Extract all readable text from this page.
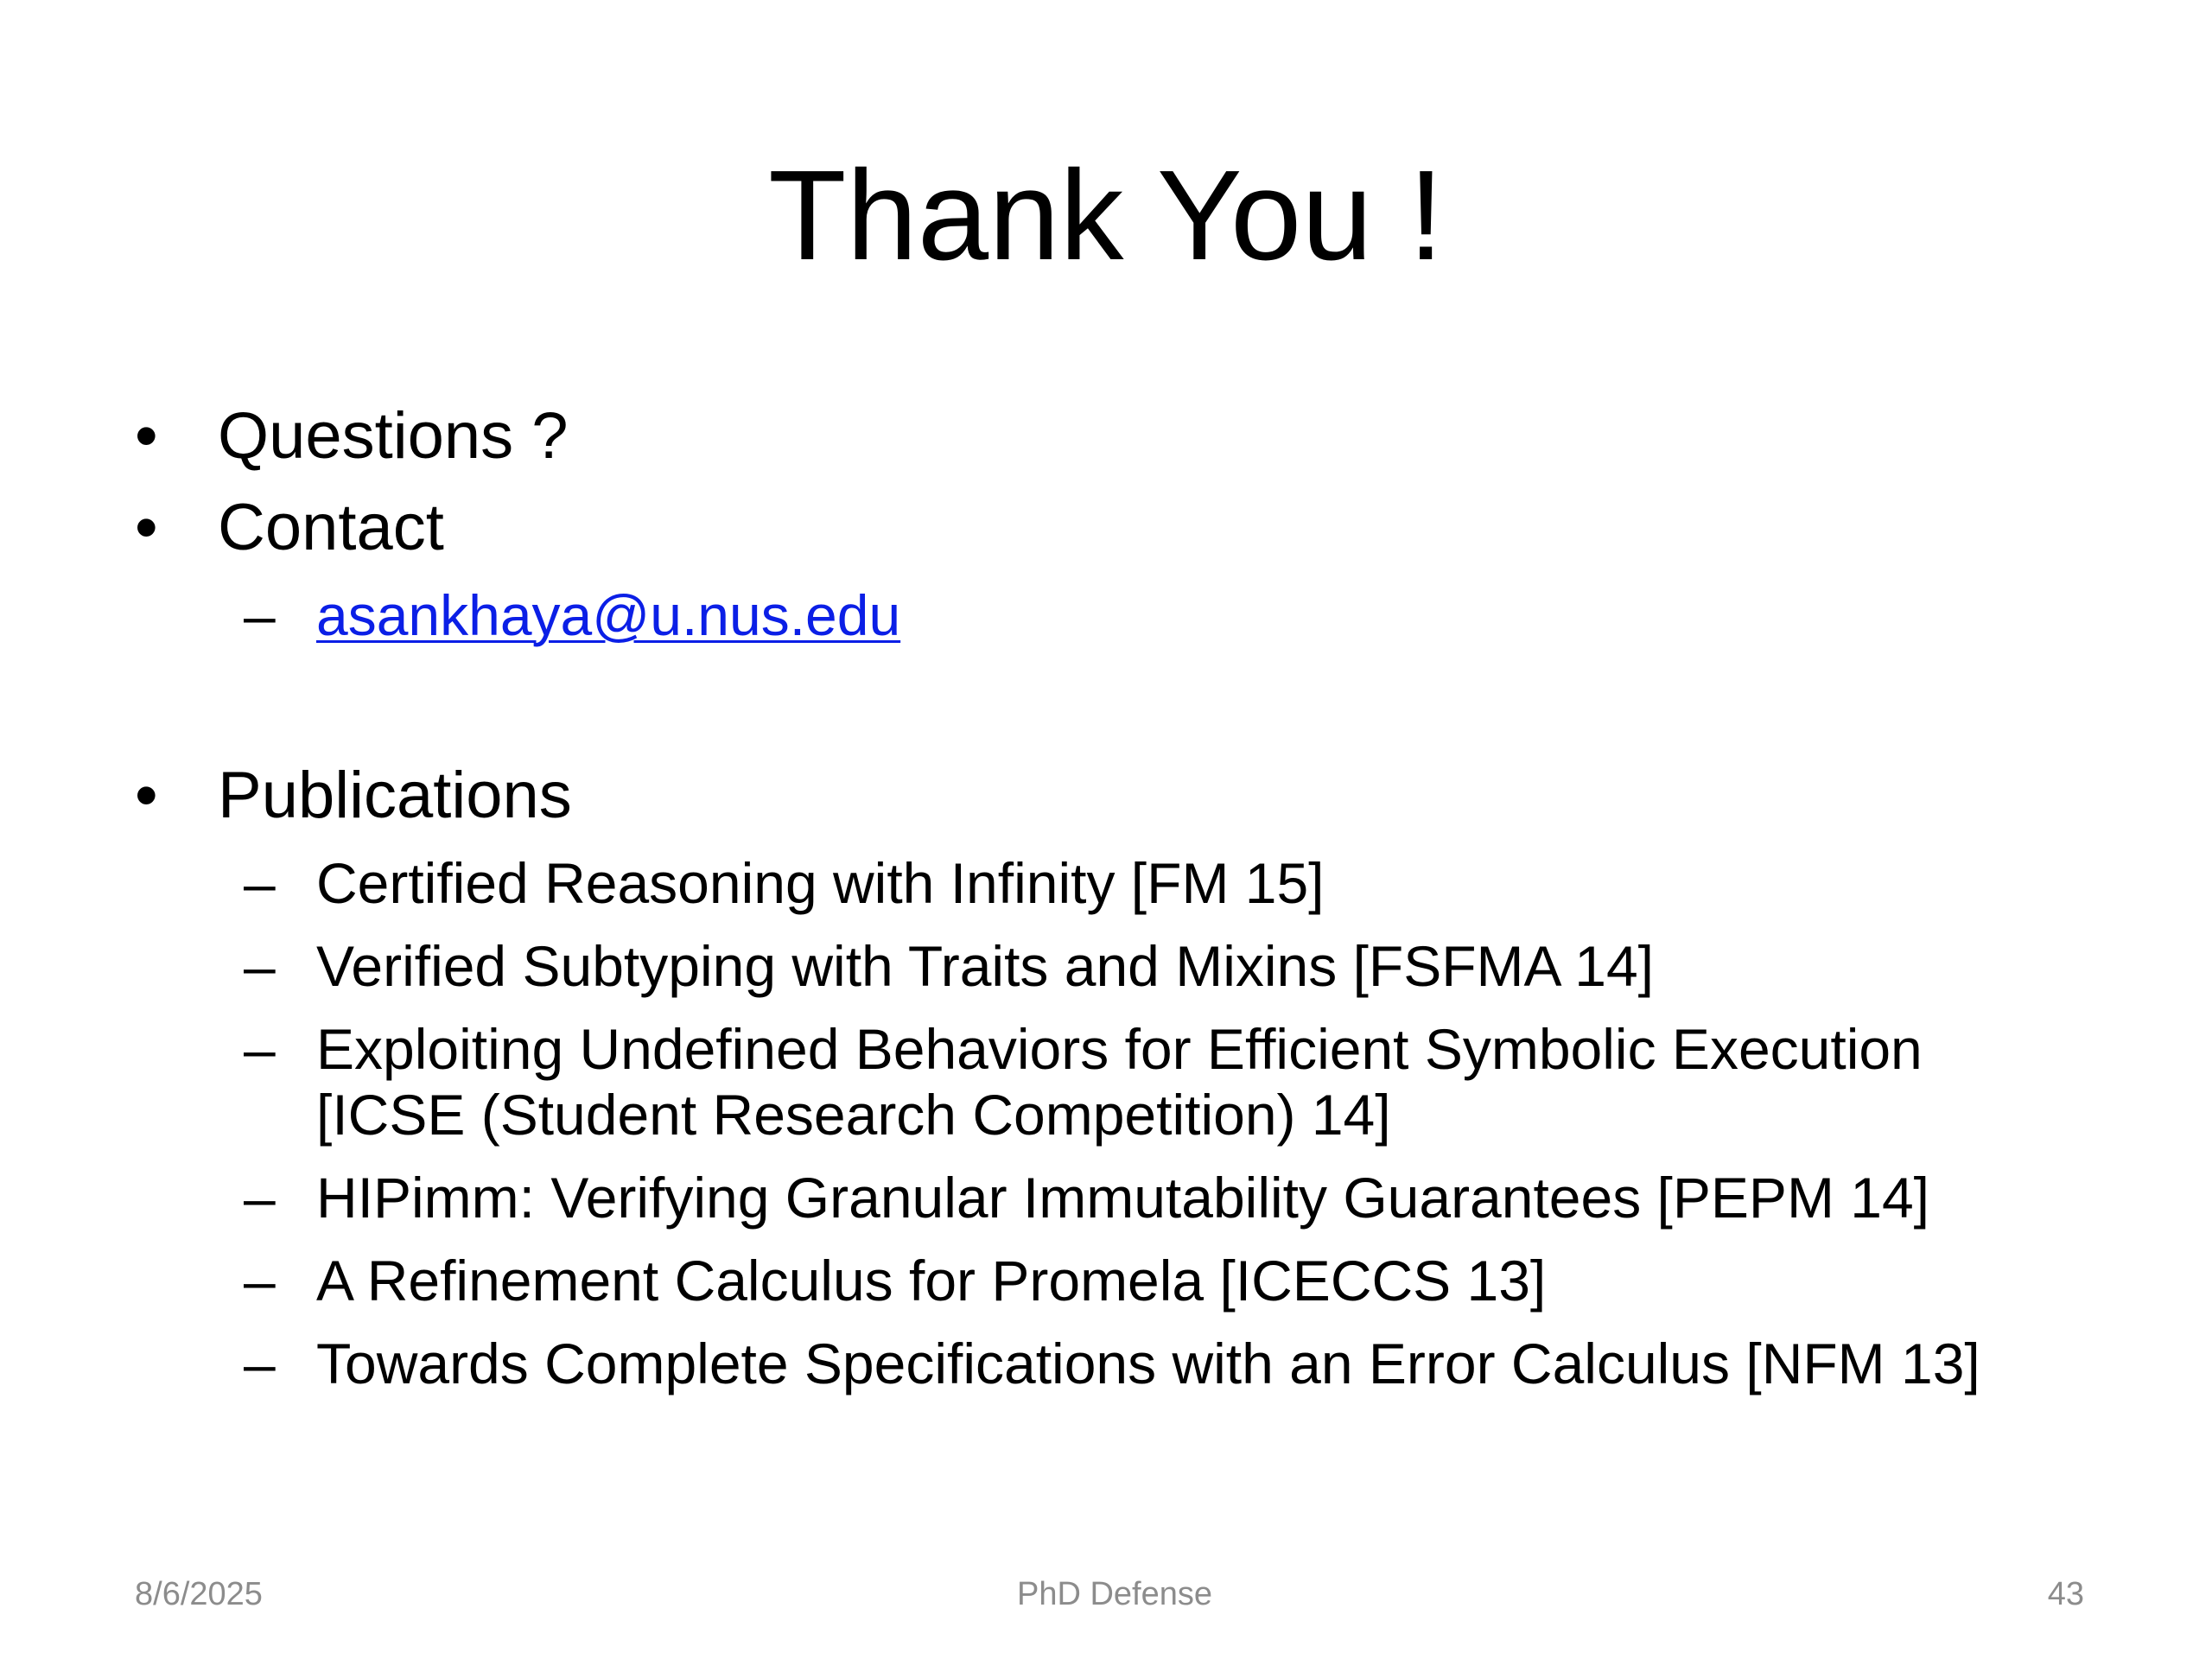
Thank You !
• Questions ?
• Contact
– asankhaya@u.nus.edu
• Publications
– Certified Reasoning with Infinity [FM 15]
– Verified Subtyping with Traits and Mixins [FSFMA 14]
– Exploiting Undefined Behaviors for Efficient Symbolic Execution [ICSE (Student Research Competition) 14]
– HIPimm: Verifying Granular Immutability Guarantees [PEPM 14]
– A Refinement Calculus for Promela [ICECCS 13]
– Towards Complete Specifications with an Error Calculus [NFM 13]
8/6/2025	PhD Defense	43
